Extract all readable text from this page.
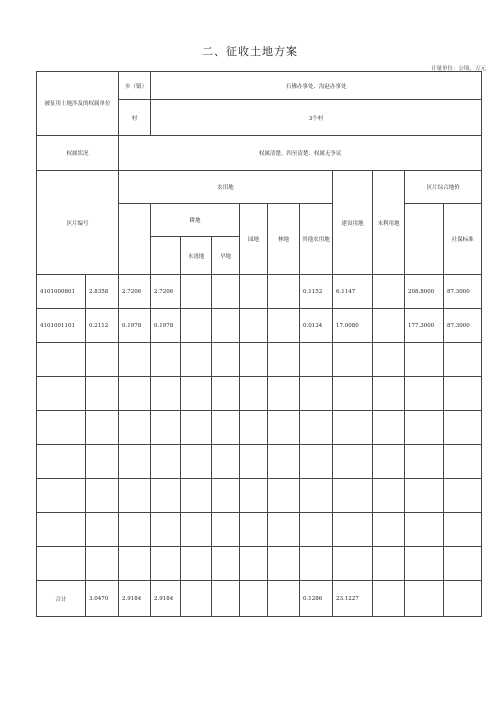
二、征收土地方案
计量单位：公顷、万元
被征用土地涉及的权属单位		乡（镇）	石佛办事处、沟赵办事处										
		村	3个村										
权属状况		权属清楚、四至清楚、权属无争议											
区片编号		农用地							建设用地	未利用地	区片综合地价		
			耕地			园地	林地	其他农用地				社保标准	
				水浇地	旱地	
4101000801	2.8358	2.7206	2.7206					0.1152	6.1147		208.8000	87.3000	
4101001101	0.2112	0.1978	0.1978					0.0134	17.0080		177.3000	87.3000	

合计	3.0470	2.9184	2.9184					0.1286	23.1227				
